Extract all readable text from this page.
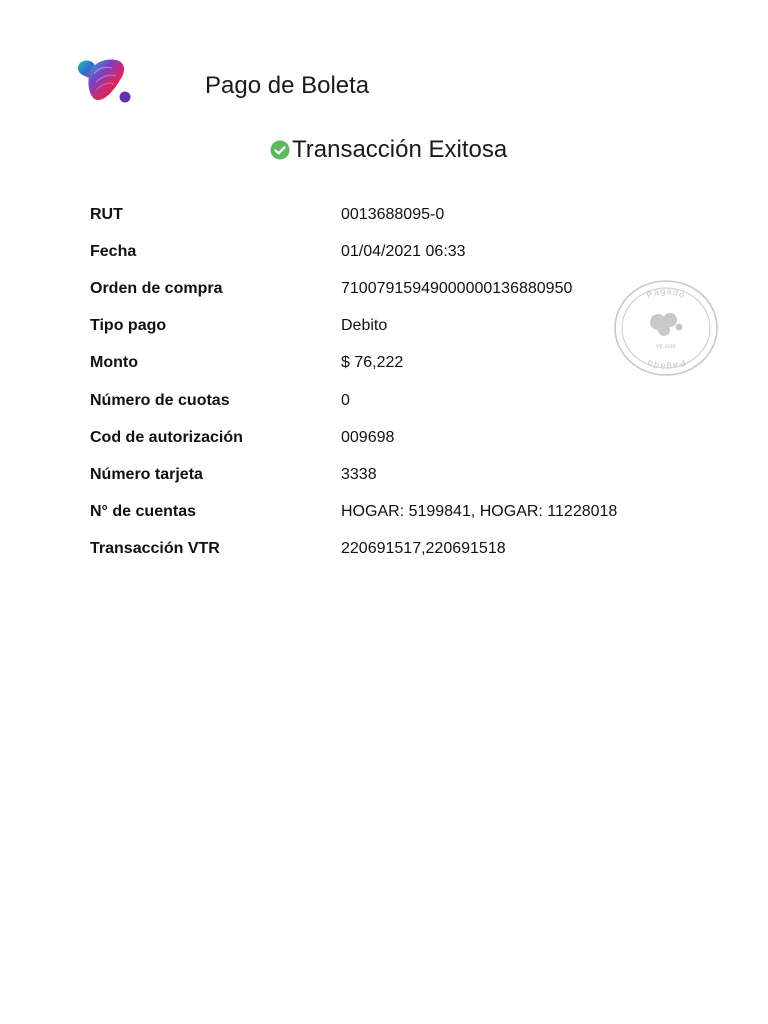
Pago de Boleta
Transacción Exitosa
RUT	0013688095-0
Fecha	01/04/2021 06:33
Orden de compra	71007915949000000136880950
Tipo pago	Debito
Monto	$ 76,222
Número de cuotas	0
Cod de autorización	009698
Número tarjeta	3338
N° de cuentas	HOGAR: 5199841, HOGAR: 11228018
Transacción VTR	220691517,220691518
Pagado
Pagado
vtr.com
